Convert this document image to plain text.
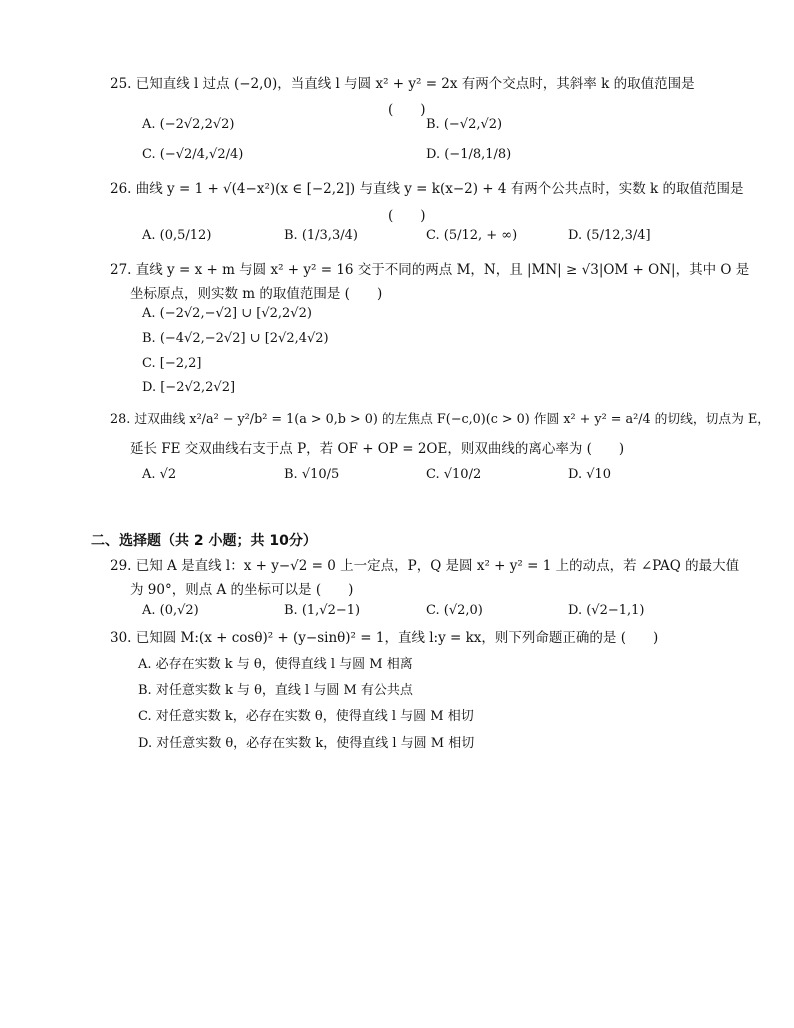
25. 已知直线 l 过点 (−2,0)，当直线 l 与圆 x² + y² = 2x 有两个交点时，其斜率 k 的取值范围是
(　　)
A. (−2√2,2√2)	B. (−√2,√2)
C. (−√2/4,√2/4)	D. (−1/8,1/8)
26. 曲线 y = 1 + √(4−x²)(x ∈ [−2,2]) 与直线 y = k(x−2) + 4 有两个公共点时，实数 k 的取值范围是
(　　)
A. (0,5/12)	B. (1/3,3/4)	C. (5/12, + ∞)	D. (5/12,3/4]
27. 直线 y = x + m 与圆 x² + y² = 16 交于不同的两点 M，N，且 |MN| ≥ √3|OM + ON|，其中 O 是
坐标原点，则实数 m 的取值范围是 (　　)
A. (−2√2,−√2] ∪ [√2,2√2)
B. (−4√2,−2√2] ∪ [2√2,4√2)
C. [−2,2]
D. [−2√2,2√2]
28. 过双曲线 x²/a² − y²/b² = 1(a > 0,b > 0) 的左焦点 F(−c,0)(c > 0) 作圆 x² + y² = a²/4 的切线，切点为 E，
延长 FE 交双曲线右支于点 P，若 OF + OP = 2OE，则双曲线的离心率为 (　　)
A. √2	B. √10/5	C. √10/2	D. √10
二、选择题（共 2 小题；共 10分）
29. 已知 A 是直线 l：x + y−√2 = 0 上一定点，P，Q 是圆 x² + y² = 1 上的动点，若 ∠PAQ 的最大值
为 90°，则点 A 的坐标可以是 (　　)
A. (0,√2)	B. (1,√2−1)	C. (√2,0)	D. (√2−1,1)
30. 已知圆 M:(x + cosθ)² + (y−sinθ)² = 1，直线 l:y = kx，则下列命题正确的是 (　　)
A. 必存在实数 k 与 θ，使得直线 l 与圆 M 相离
B. 对任意实数 k 与 θ，直线 l 与圆 M 有公共点
C. 对任意实数 k，必存在实数 θ，使得直线 l 与圆 M 相切
D. 对任意实数 θ，必存在实数 k，使得直线 l 与圆 M 相切
